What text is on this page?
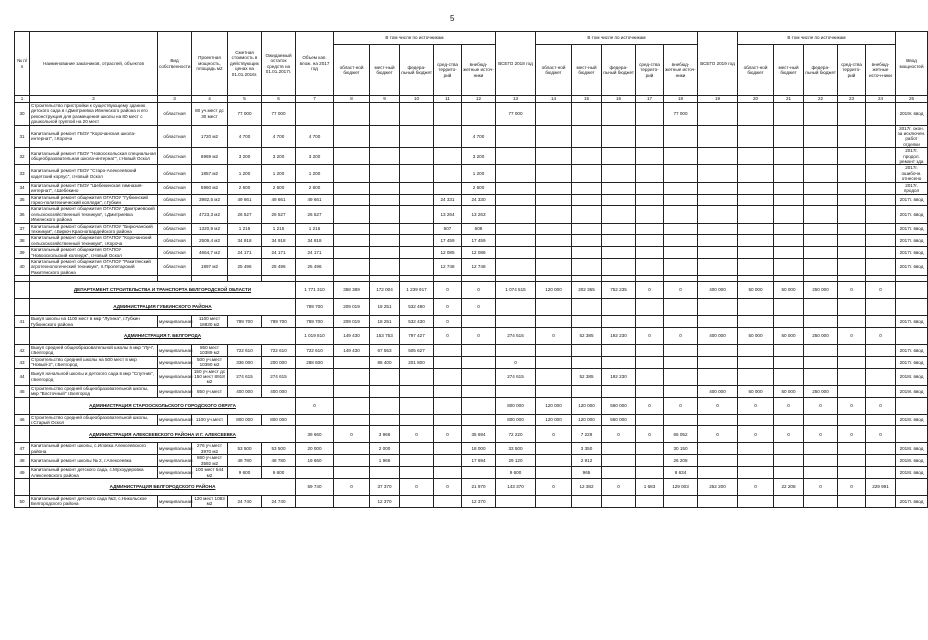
5
№ п/п	Наименование заказчиков, отраслей, объектов	Вид собственности	Проектная мощность, площадь м2	Сметная стоимость в действующих ценах на 01.01.2016г.	Ожидаемый остаток средств на 01.01.2017г.	Объем кап. влож. на 2017 год	В том числе по источникам					ВСЕГО 2018 год	В том числе по источникам					ВСЕГО 2019 год	В том числе по источникам					Ввод мощностей
							област-ной бюджет	мест-ный бюджет	федера-льный бюджет	сред-ства террито-рий	внебюд-жетные источ-ники		област-ной бюджет	мест-ный бюджет	федера-льный бюджет	сред-ства террито-рий	внебюд-жетные источ-ники		област-ной бюджет	мест-ный бюджет	федера-льный бюджет	сред-ства террито-рий	внебюд-жетные источ-ники	
1	2	3	4	5	6	7	8	9	10	11	12	13	14	15	16	17	18	19	20	21	22	23	24	25
30	Строительство пристройки к существующему зданию детского сада в г.Дмитриевка Ивнянского района и его реконструкция для размещения школы на 80 мест с дошкольной группой на 20 мест	областная	80 уч.мест дс 30 мест	77 000	77 000							77 000					77 000							2019г. ввод
31	Капитальный ремонт ГБОУ "Корочанская школа-интернат", г.Короча	областная	1720 м2	4 700	4 700	4 700					4 700													2017г. окон. за исключен. работ отделки
32	Капитальный ремонт ГБОУ "Новооскольская специальная общеобразовательная школа-интернат", г.Новый Оскол	областная	6969 м2	3 200	3 200	3 200					3 200													2017г. продол. ремонт зда
33	Капитальный ремонт ГБОУ "Старо-Алексеевский кадетский корпус", г.Новый Оскол	областная	1857 м2	1 200	1 200	1 200					1 200													2017г. ошибочн. отнесено
34	Капитальный ремонт ГБОУ "Шебекинская гимназия-интернат", г.Шебекино	областная	5950 м2	2 600	2 600	2 600					2 600													2017г. продол
35	Капитальный ремонт общежития ОГАПОУ "Губкинский горно-политехнический колледж", г.Губкин	областная	3982,5 м2	49 661	49 661	49 661				24 331	24 330													2017г. ввод
36	Капитальный ремонт общежития ОГАПОУ "Дмитриевский сельскохозяйственный техникум", г.Дмитриевка Ивнянского района	областная	4723,3 м2	26 527	26 527	26 527				13 264	13 263													2017г. ввод
37	Капитальный ремонт общежития ОГАПОУ "Бирючанский техникум", г.Бирюч Красногвардейского района	областная	1320,9 м2	1 215	1 215	1 215				607	608													2017г. ввод
38	Капитальный ремонт общежития ОГАПОУ "Корочанский сельскохозяйственный техникум", г.Короча	областная	2509,4 м2	34 918	34 918	34 918				17 459	17 459													2017г. ввод
39	Капитальный ремонт общежития ОГАПОУ "Новооскольский колледж", г.Новый Оскол	областная	4664,7 м2	24 171	24 171	24 171				12 085	12 086													2017г. ввод
40	Капитальный ремонт общежития ОГАПОУ "Ракитянский агротехнологический техникум", п.Пролетарский Ракитянского района	областная	1897 м2	25 496	25 496	25 496				12 748	12 748													2017г. ввод

	ДЕПАРТАМЕНТ СТРОИТЕЛЬСТВА И ТРАНСПОРТА БЕЛГОРОДСКОЙ ОБЛАСТИ					1 771 310	358 389	172 004	1 239 917	0	0	1 074 515	120 000	202 365	752 235	0	0	400 000	50 000	50 000	250 000	0	0	
	АДМИНИСТРАЦИЯ ГУБКИНСКОГО РАЙОНА					789 700	209 019	18 251	532 490	0	0													
41	Выкуп школы на 1100 мест в мкр "Лугина", г.Губкин Губкинского района	муниципальная	1100 мест 18830 м2	789 700	789 700	789 700	209 019	18 251	532 430	0														2017г. ввод
	АДМИНИСТРАЦИЯ Г. БЕЛГОРОДА					1 019 810	149 430	153 753	797 427	0	0	274 615	0	52 385	192 230	0	0	400 000	50 000	50 000	250 000	0	0	
42	Выкуп средней общеобразовательной школы в мкр "Луч", г.Белгород	муниципальная	860 мест 10389 м2	722 610	722 610	722 610	149 430	67 553	505 627															2017г. ввод
43	Строительство средней школы на 500 мест в мкр "Новый-2", г.Белгород	муниципальная	500 уч.мест 10390 м2	336 000	200 000	288 600		86 400	201 800			0												2017г. ввод
44	Выкуп начальной школы и детского сада в мкр "Спутник", г.Белгород	муниципальная	150 уч.мест дс 150 мест 8918 м2	274 615	274 615							274 615		52 385	192 230									2018г. ввод
45	Строительство средней общеобразовательной школы, мкр "Восточный" г.Белгород	муниципальная	850 уч.мест	400 000	400 000													400 000	60 000	50 000	250 000			2019г. ввод
	АДМИНИСТРАЦИЯ СТАРООСКОЛЬСКОГО ГОРОДСКОГО ОКРУГА					0						800 000	120 000	120 000	560 000	0	0	0	0	0	0	0	0	
46	Строительство средней общеобразовательной школы, г.Старый Оскол	муниципальная	1100 уч.мест	800 000	800 000							800 000	120 000	120 000	560 000									2018г. ввод
	АДМИНИСТРАЦИЯ АЛЕКСЕЕВСКОГО РАЙОНА И Г. АЛЕКСЕЕВКА					39 660	0	3 966	0	0	35 694	72 220	0	7 229	0	0	65 052	0	0	0	0	0	0	
47	Капитальный ремонт школы, с.Иловка Алексеевского района	муниципальная	276 уч.мест 3970 м2	53 500	53 500	20 000		2 000			18 000	33 500		3 350			30 150							2018г. ввод
48	Капитальный ремонт школы № 2, г.Алексеевка	муниципальная	860 уч.мест 3592 м2	48 780	48 780	19 660		1 966			17 694	29 120		2 912			26 208							2018г. ввод
49	Капитальный ремонт детского сада, с.Мухоудеровка Алексеевского района	муниципальная	100 мест 544 м2	9 600	9 600							9 600		965			8 634							2018г. ввод
	АДМИНИСТРАЦИЯ БЕЛГОРОДСКОГО РАЙОНА					59 740	0	37 370	0	0	21 970	143 370	0	12 382	0	1 683	129 003	252 200	0	22 208	0	0	229 991	
50	Капитальный ремонт детского сада №3, с.Никольское Белгородского района	муниципальная	120 мест 1083 м2	24 740	24 740			12 370			12 370													2017г. ввод
